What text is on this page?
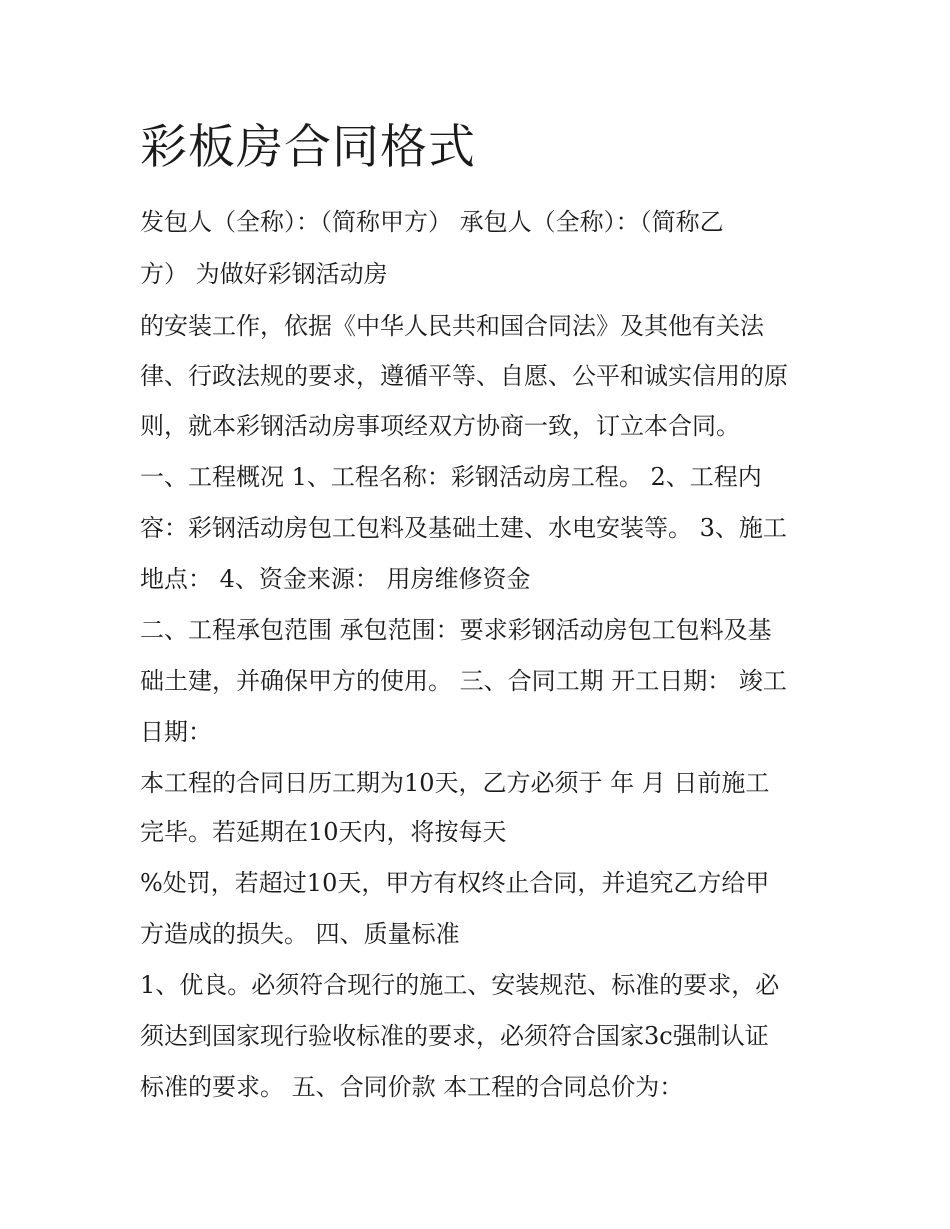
彩板房合同格式

发包人（全称）：（简称甲方） 承包人（全称）：（简称乙

方） 为做好彩钢活动房

的安装工作，依据《中华人民共和国合同法》及其他有关法

律、行政法规的要求，遵循平等、自愿、公平和诚实信用的原

则，就本彩钢活动房事项经双方协商一致，订立本合同。

一、工程概况 1、工程名称：彩钢活动房工程。 2、工程内

容：彩钢活动房包工包料及基础土建、水电安装等。 3、施工

地点： 4、资金来源： 用房维修资金

二、工程承包范围 承包范围：要求彩钢活动房包工包料及基

础土建，并确保甲方的使用。 三、合同工期 开工日期： 竣工

日期：

本工程的合同日历工期为10天，乙方必须于 年 月 日前施工

完毕。若延期在10天内，将按每天

%处罚，若超过10天，甲方有权终止合同，并追究乙方给甲

方造成的损失。 四、质量标准

1、优良。必须符合现行的施工、安装规范、标准的要求，必

须达到国家现行验收标准的要求，必须符合国家3c强制认证

标准的要求。 五、合同价款 本工程的合同总价为：
